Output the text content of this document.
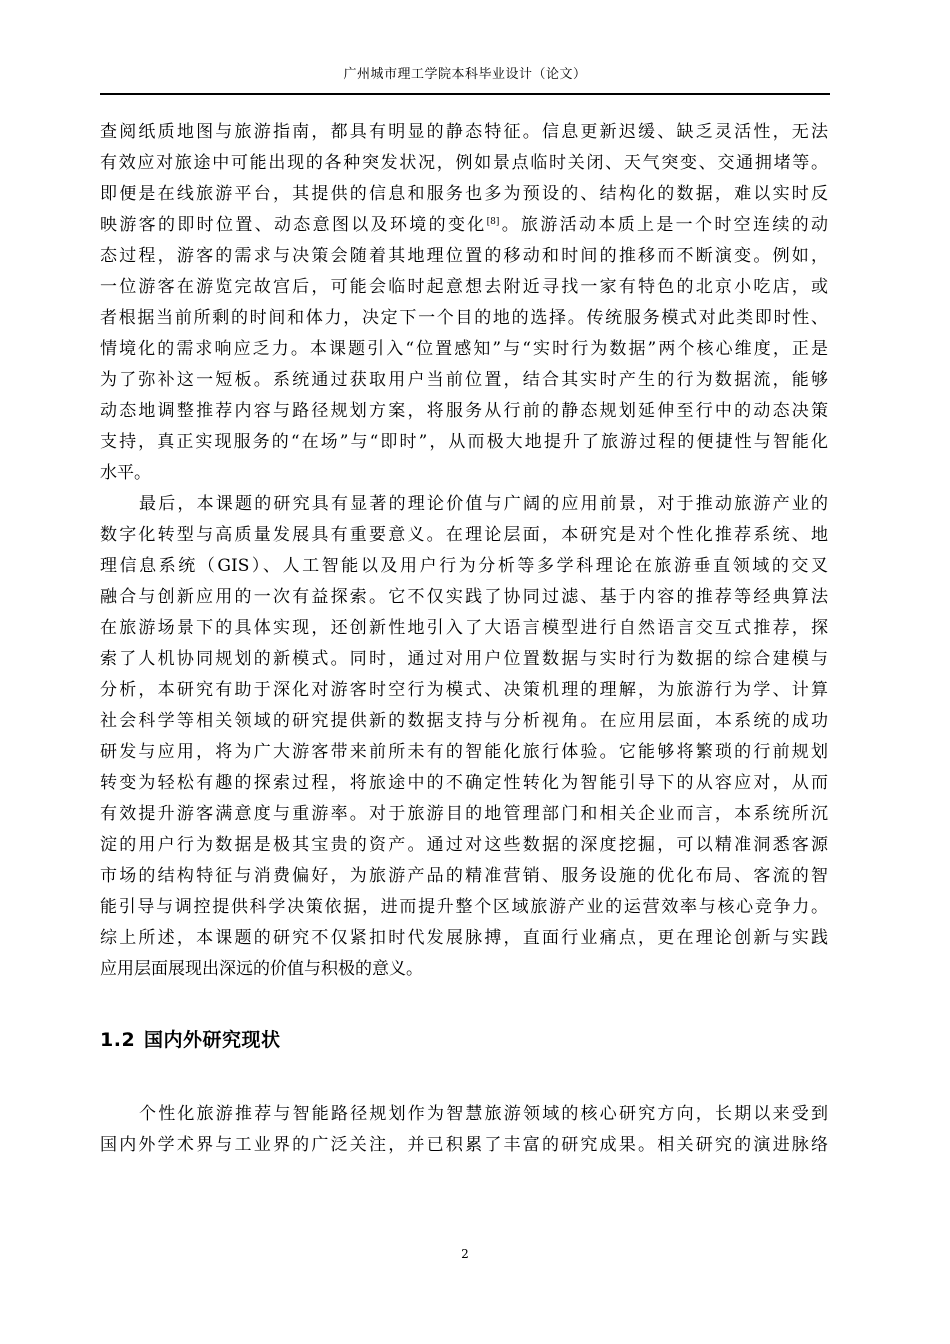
广州城市理工学院本科毕业设计（论文）
查阅纸质地图与旅游指南，都具有明显的静态特征。信息更新迟缓、缺乏灵活性，无法
有效应对旅途中可能出现的各种突发状况，例如景点临时关闭、天气突变、交通拥堵等。
即便是在线旅游平台，其提供的信息和服务也多为预设的、结构化的数据，难以实时反
映游客的即时位置、动态意图以及环境的变化[8]。旅游活动本质上是一个时空连续的动
态过程，游客的需求与决策会随着其地理位置的移动和时间的推移而不断演变。例如，
一位游客在游览完故宫后，可能会临时起意想去附近寻找一家有特色的北京小吃店，或
者根据当前所剩的时间和体力，决定下一个目的地的选择。传统服务模式对此类即时性、
情境化的需求响应乏力。本课题引入“位置感知”与“实时行为数据”两个核心维度，正是
为了弥补这一短板。系统通过获取用户当前位置，结合其实时产生的行为数据流，能够
动态地调整推荐内容与路径规划方案，将服务从行前的静态规划延伸至行中的动态决策
支持，真正实现服务的“在场”与“即时”，从而极大地提升了旅游过程的便捷性与智能化
水平。
最后，本课题的研究具有显著的理论价值与广阔的应用前景，对于推动旅游产业的
数字化转型与高质量发展具有重要意义。在理论层面，本研究是对个性化推荐系统、地
理信息系统（GIS）、人工智能以及用户行为分析等多学科理论在旅游垂直领域的交叉
融合与创新应用的一次有益探索。它不仅实践了协同过滤、基于内容的推荐等经典算法
在旅游场景下的具体实现，还创新性地引入了大语言模型进行自然语言交互式推荐，探
索了人机协同规划的新模式。同时，通过对用户位置数据与实时行为数据的综合建模与
分析，本研究有助于深化对游客时空行为模式、决策机理的理解，为旅游行为学、计算
社会科学等相关领域的研究提供新的数据支持与分析视角。在应用层面，本系统的成功
研发与应用，将为广大游客带来前所未有的智能化旅行体验。它能够将繁琐的行前规划
转变为轻松有趣的探索过程，将旅途中的不确定性转化为智能引导下的从容应对，从而
有效提升游客满意度与重游率。对于旅游目的地管理部门和相关企业而言，本系统所沉
淀的用户行为数据是极其宝贵的资产。通过对这些数据的深度挖掘，可以精准洞悉客源
市场的结构特征与消费偏好，为旅游产品的精准营销、服务设施的优化布局、客流的智
能引导与调控提供科学决策依据，进而提升整个区域旅游产业的运营效率与核心竞争力。
综上所述，本课题的研究不仅紧扣时代发展脉搏，直面行业痛点，更在理论创新与实践
应用层面展现出深远的价值与积极的意义。
1.2 国内外研究现状
个性化旅游推荐与智能路径规划作为智慧旅游领域的核心研究方向，长期以来受到
国内外学术界与工业界的广泛关注，并已积累了丰富的研究成果。相关研究的演进脉络
2
